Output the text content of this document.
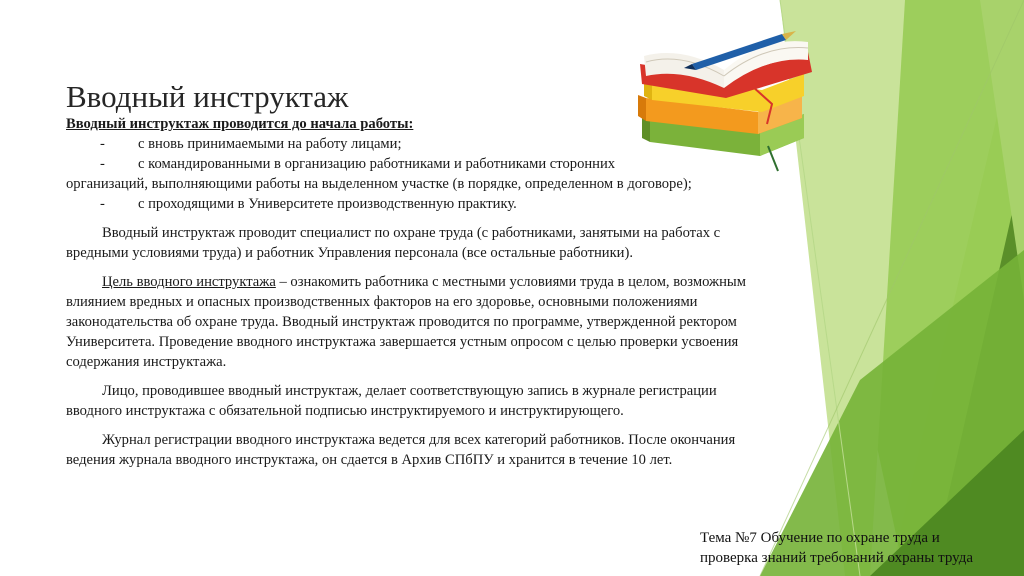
Вводный инструктаж

Вводный инструктаж проводится до начала работы:

- с вновь принимаемыми на работу лицами;

- с командированными в организацию работниками и работниками сторонних

организаций, выполняющими работы на выделенном участке (в порядке, определенном в договоре);

- с проходящими в Университете производственную практику.

Вводный инструктаж проводит специалист по охране труда (с работниками, занятыми на работах с вредными условиями труда) и работник Управления персонала (все остальные работники).

Цель вводного инструктажа – ознакомить работника с местными условиями труда в целом, возможным влиянием вредных и опасных производственных факторов на его здоровье, основными положениями законодательства об охране труда. Вводный инструктаж проводится по программе, утвержденной ректором Университета. Проведение вводного инструктажа завершается устным опросом с целью проверки усвоения содержания инструктажа.

Лицо, проводившее вводный инструктаж, делает соответствующую запись в журнале регистрации вводного инструктажа с обязательной подписью инструктируемого и инструктирующего.

Журнал регистрации вводного инструктажа ведется для всех категорий работников. После окончания ведения журнала вводного инструктажа, он сдается в Архив СПбПУ и хранится в течение 10 лет.

Тема №7 Обучение по охране труда и
проверка знаний требований охраны труда
